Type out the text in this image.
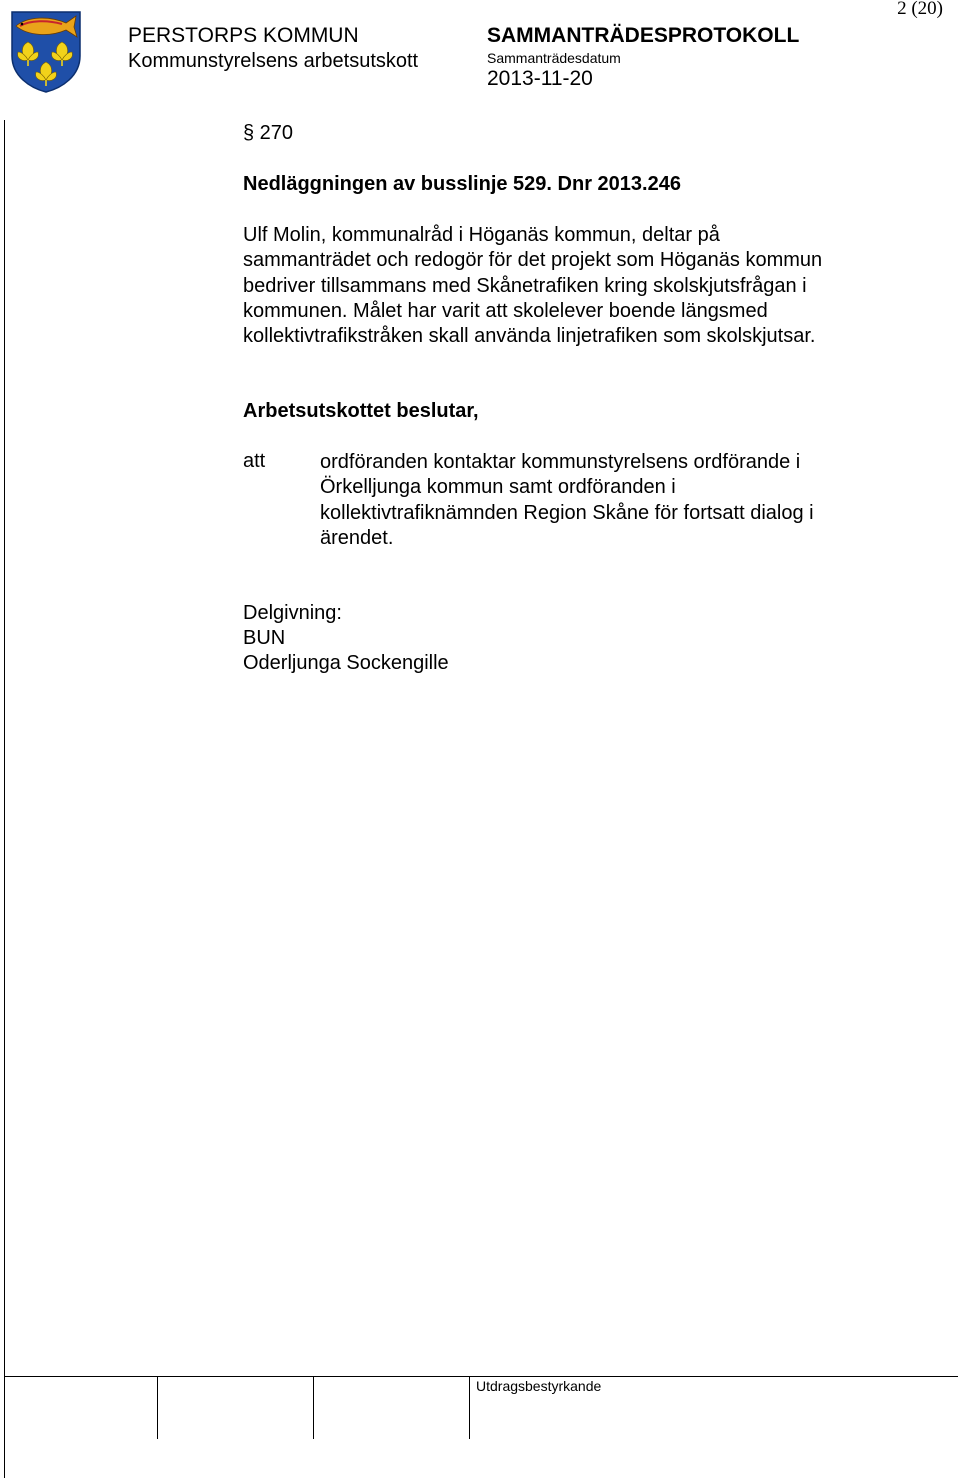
2 (20)
PERSTORPS KOMMUN
Kommunstyrelsens arbetsutskott
SAMMANTRÄDESPROTOKOLL
Sammanträdesdatum
2013-11-20
§ 270
Nedläggningen av busslinje 529. Dnr 2013.246
Ulf Molin, kommunalråd i Höganäs kommun, deltar på
sammanträdet och redogör för det projekt som Höganäs kommun
bedriver tillsammans med Skånetrafiken kring skolskjutsfrågan i
kommunen. Målet har varit att skolelever boende längsmed
kollektivtrafikstråken skall använda linjetrafiken som skolskjutsar.
Arbetsutskottet beslutar,
att	ordföranden kontaktar kommunstyrelsens ordförande i
Örkelljunga kommun samt ordföranden i
kollektivtrafiknämnden Region Skåne för fortsatt dialog i
ärendet.
Delgivning:
BUN
Oderljunga Sockengille
Utdragsbestyrkande
